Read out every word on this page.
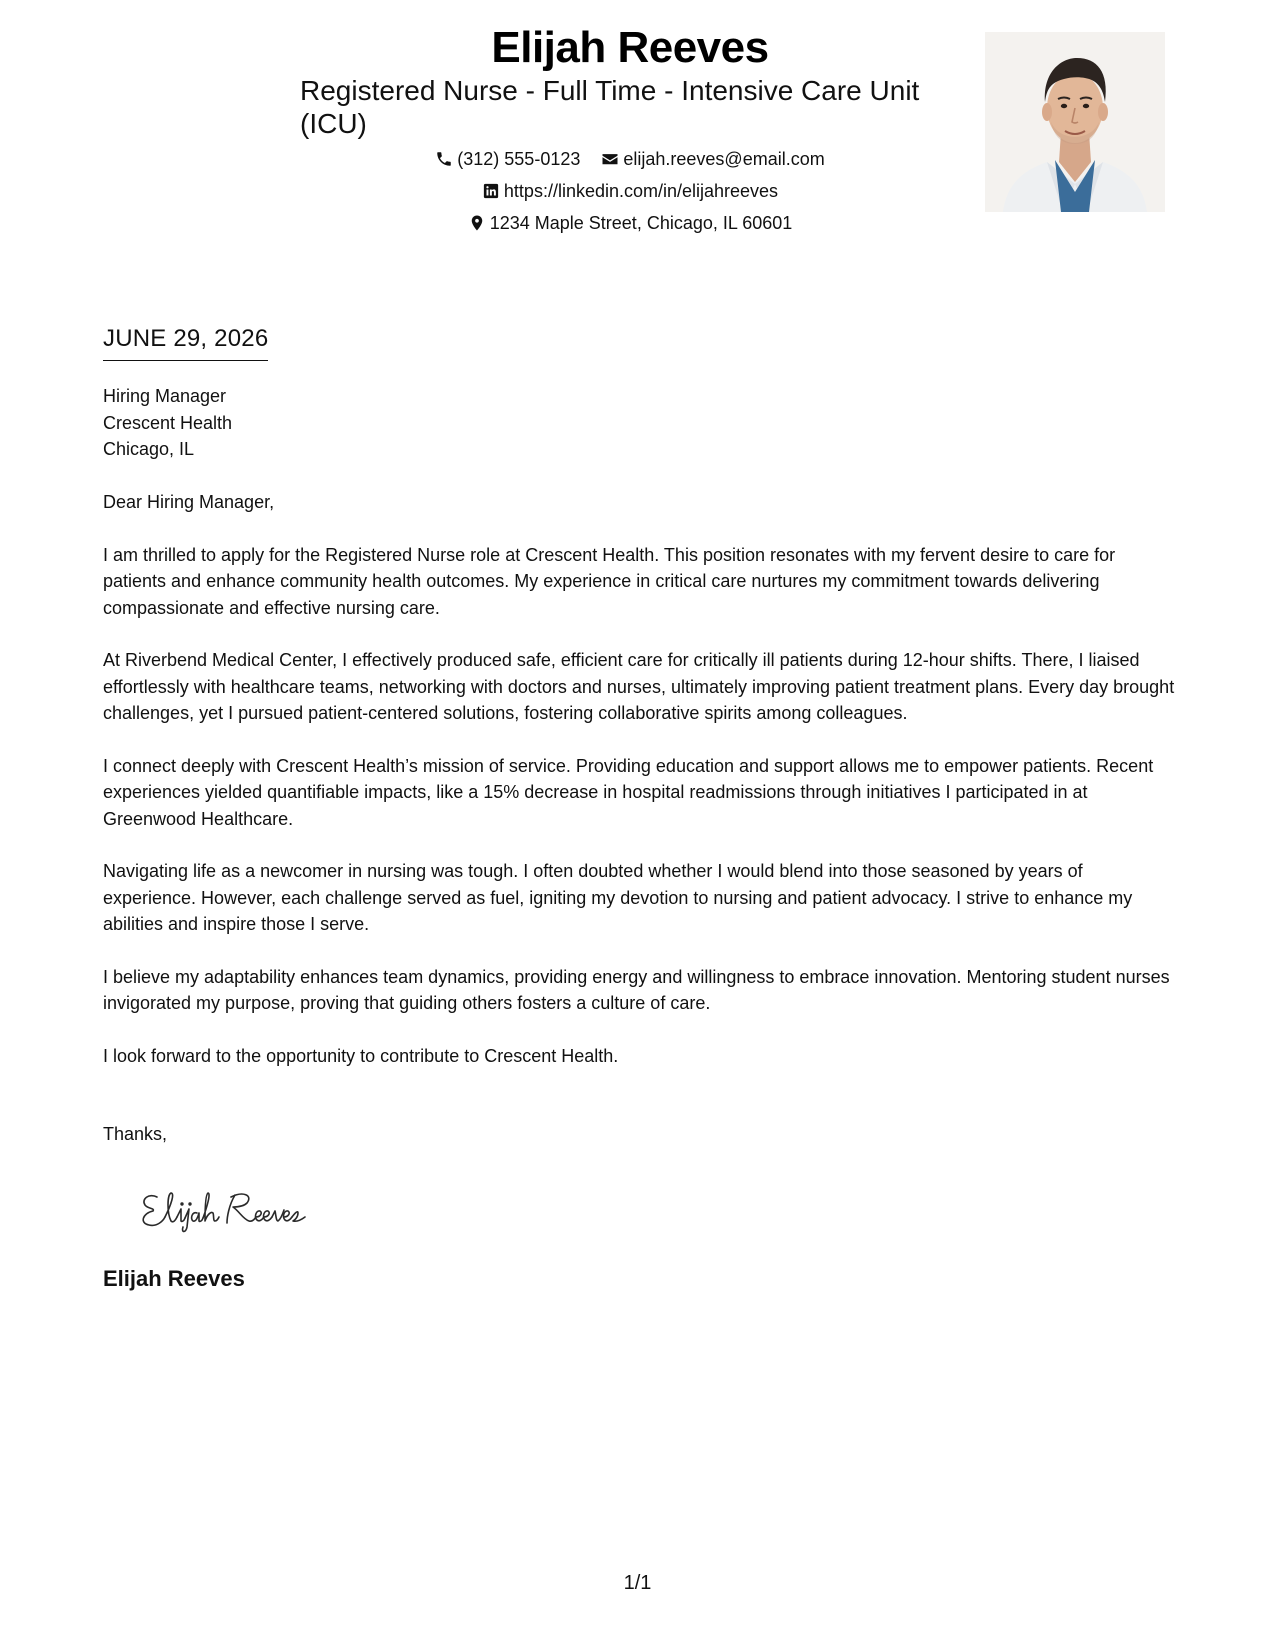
Elijah Reeves
Registered Nurse - Full Time - Intensive Care Unit (ICU)
(312) 555-0123
elijah.reeves@email.com
https://linkedin.com/in/elijahreeves
1234 Maple Street, Chicago, IL 60601
JUNE 29, 2026
Hiring Manager
Crescent Health
Chicago, IL

Dear Hiring Manager,

I am thrilled to apply for the Registered Nurse role at Crescent Health. This position resonates with my fervent desire to care for patients and enhance community health outcomes. My experience in critical care nurtures my commitment towards delivering compassionate and effective nursing care.

At Riverbend Medical Center, I effectively produced safe, efficient care for critically ill patients during 12-hour shifts. There, I liaised effortlessly with healthcare teams, networking with doctors and nurses, ultimately improving patient treatment plans. Every day brought challenges, yet I pursued patient-centered solutions, fostering collaborative spirits among colleagues.

I connect deeply with Crescent Health’s mission of service. Providing education and support allows me to empower patients. Recent experiences yielded quantifiable impacts, like a 15% decrease in hospital readmissions through initiatives I participated in at Greenwood Healthcare.

Navigating life as a newcomer in nursing was tough. I often doubted whether I would blend into those seasoned by years of experience. However, each challenge served as fuel, igniting my devotion to nursing and patient advocacy. I strive to enhance my abilities and inspire those I serve.

I believe my adaptability enhances team dynamics, providing energy and willingness to embrace innovation. Mentoring student nurses invigorated my purpose, proving that guiding others fosters a culture of care.

I look forward to the opportunity to contribute to Crescent Health.

Thanks,
Elijah Reeves
1/1
